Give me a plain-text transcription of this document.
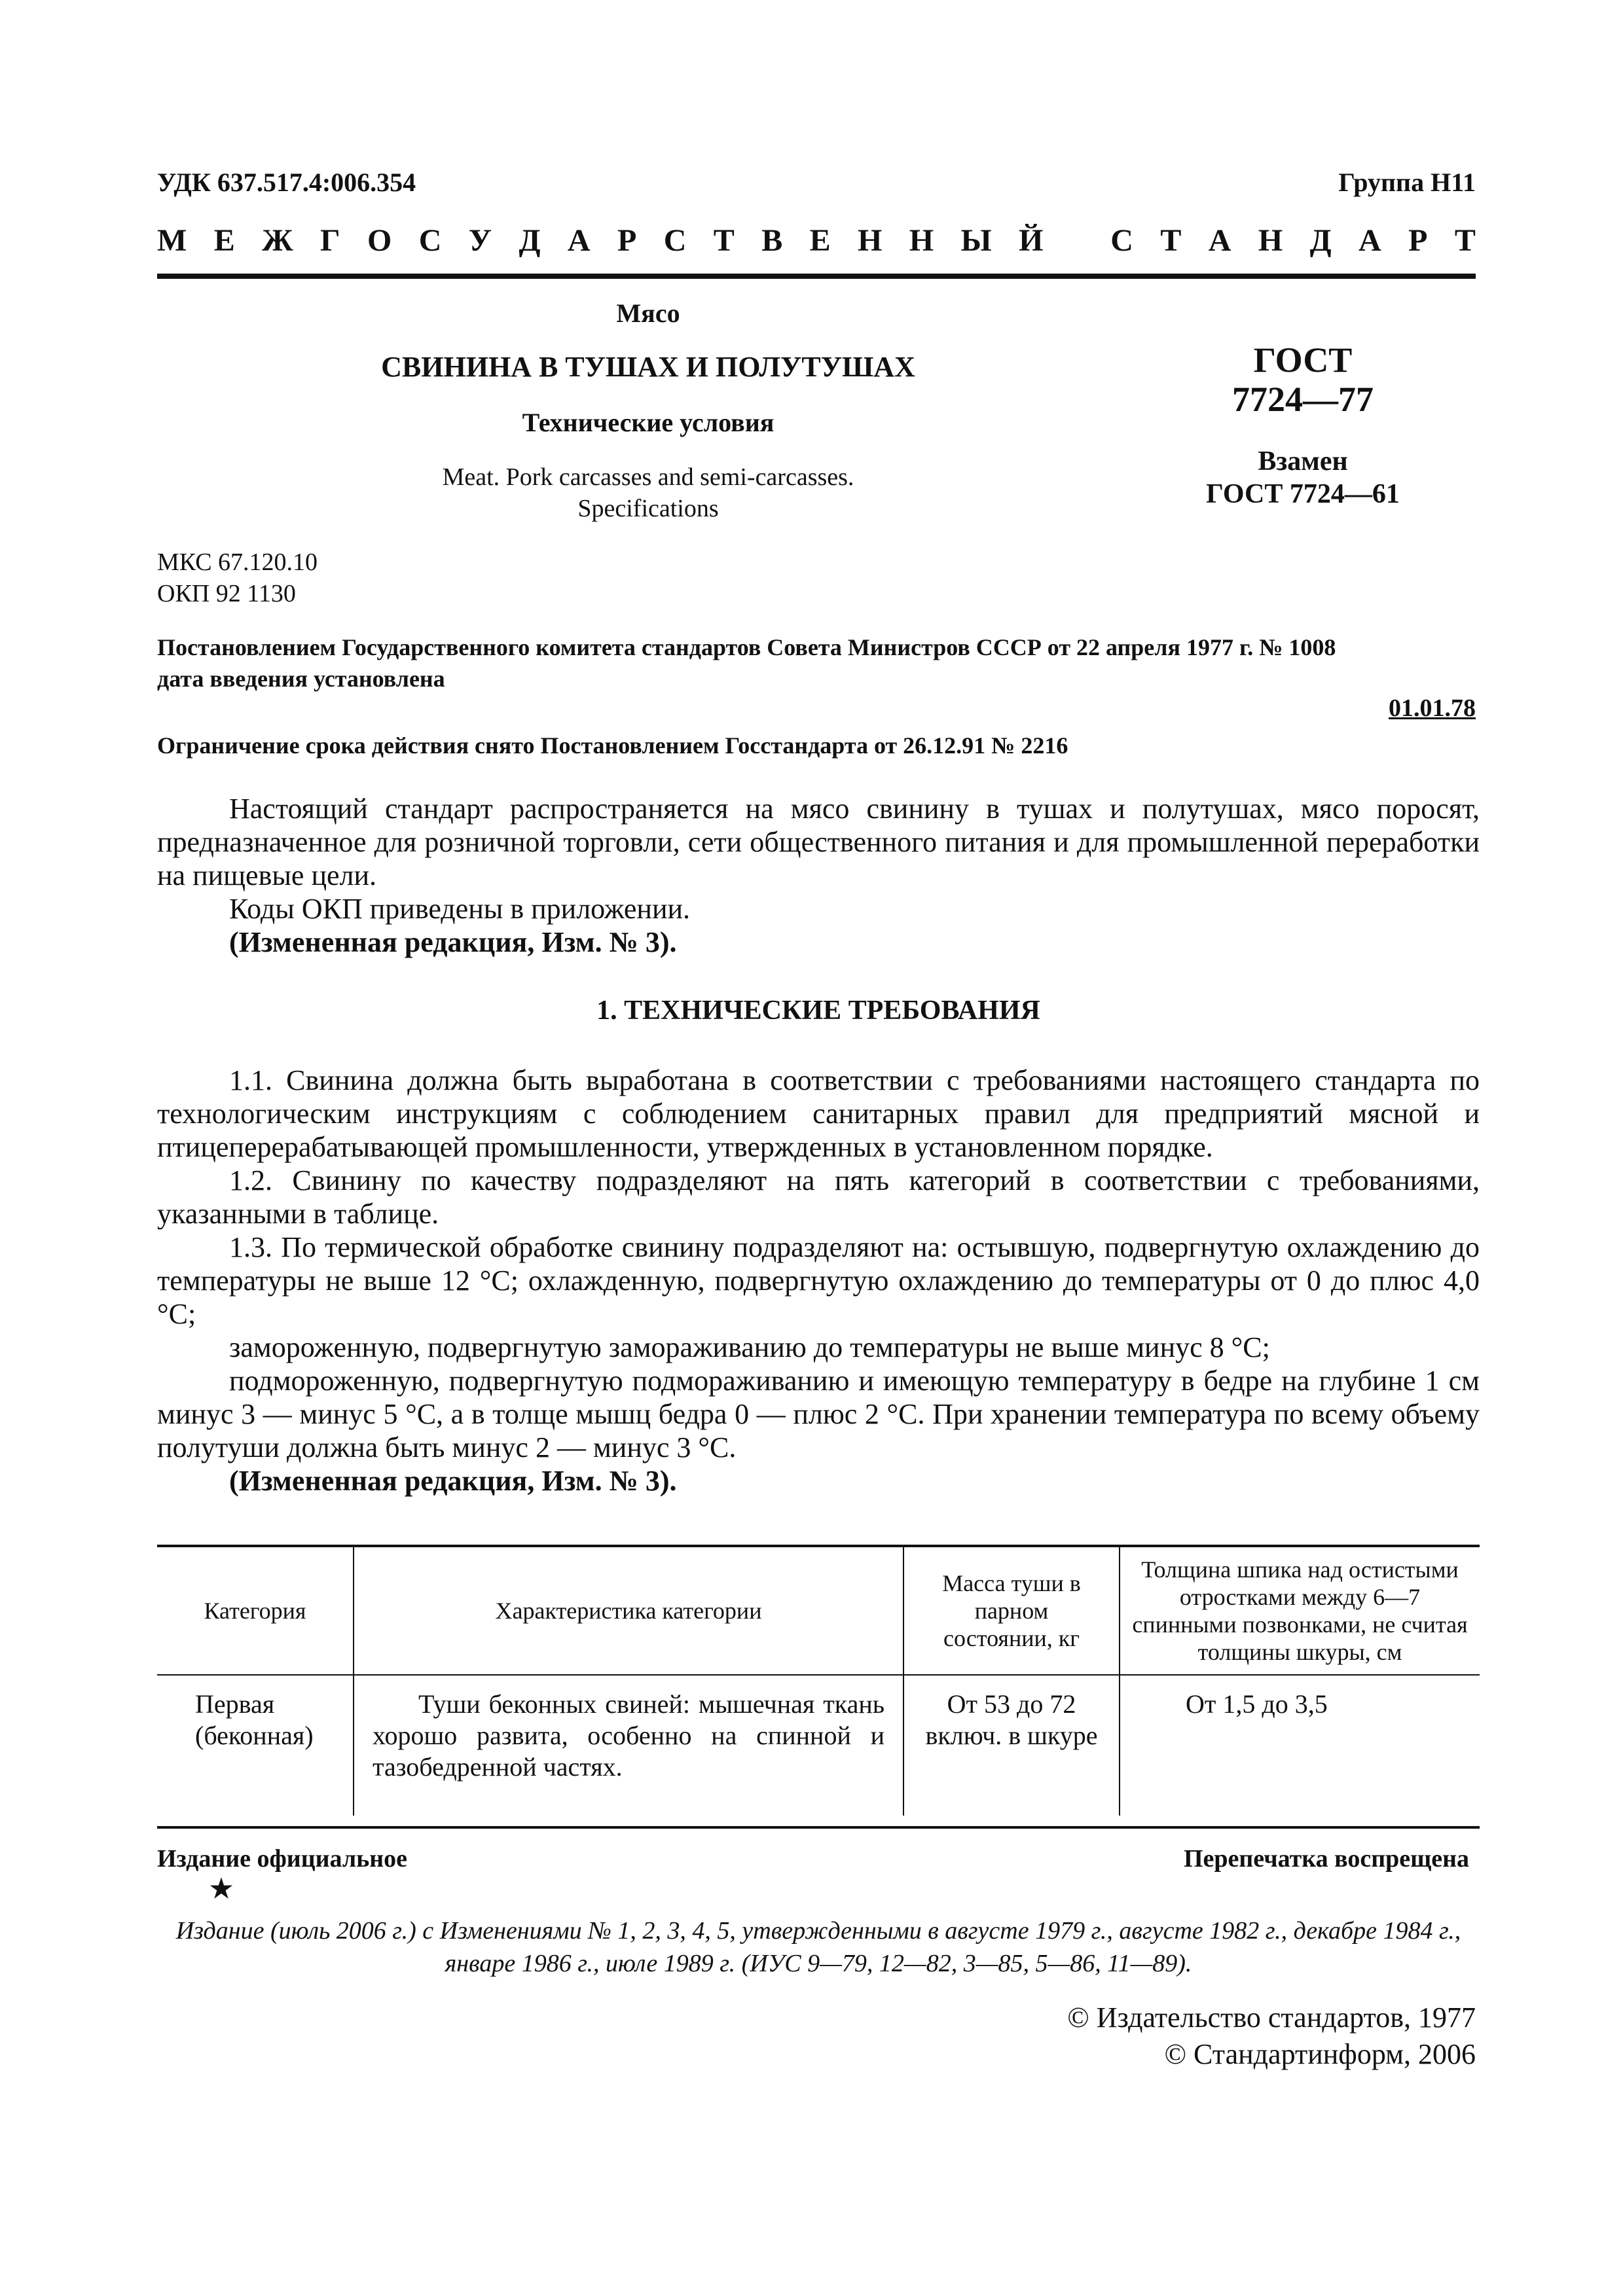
УДК 637.517.4:006.354	Группа Н11
М Е Ж Г О С У Д А Р С Т В Е Н Н Ы Й С Т А Н Д А Р Т
Мясо
СВИНИНА В ТУШАХ И ПОЛУТУШАХ
Технические условия
Meat. Pork carcasses and semi-carcasses.
Specifications
ГОСТ
7724—77
Взамен
ГОСТ 7724—61
МКС 67.120.10
ОКП 92 1130
Постановлением Государственного комитета стандартов Совета Министров СССР от 22 апреля 1977 г. № 1008
дата введения установлена
01.01.78
Ограничение срока действия снято Постановлением Госстандарта от 26.12.91 № 2216

Настоящий стандарт распространяется на мясо свинину в тушах и полутушах, мясо поросят, предназначенное для розничной торговли, сети общественного питания и для промышленной переработки на пищевые цели.

Коды ОКП приведены в приложении.

(Измененная редакция, Изм. № 3).

1. ТЕХНИЧЕСКИЕ ТРЕБОВАНИЯ

1.1. Свинина должна быть выработана в соответствии с требованиями настоящего стандарта по технологическим инструкциям с соблюдением санитарных правил для предприятий мясной и птицеперерабатывающей промышленности, утвержденных в установленном порядке.

1.2. Свинину по качеству подразделяют на пять категорий в соответствии с требованиями, указанными в таблице.

1.3. По термической обработке свинину подразделяют на: остывшую, подвергнутую охлаждению до температуры не выше 12 °С; охлажденную, подвергнутую охлаждению до температуры от 0 до плюс 4,0 °С;

замороженную, подвергнутую замораживанию до температуры не выше минус 8 °С;

подмороженную, подвергнутую подмораживанию и имеющую температуру в бедре на глубине 1 см минус 3 — минус 5 °С, а в толще мышц бедра 0 — плюс 2 °С. При хранении температура по всему объему полутуши должна быть минус 2 — минус 3 °С.

(Измененная редакция, Изм. № 3).

Категория	Характеристика категории	Масса туши в парном состоянии, кг	Толщина шпика над остистыми отростками между 6—7 спинными позвонками, не считая толщины шкуры, см
Первая (беконная)	Туши беконных свиней: мышечная ткань хорошо развита, особенно на спинной и тазобедренной частях.	От 53 до 72 включ. в шкуре	От 1,5 до 3,5
Издание официальное
★
Перепечатка воспрещена
Издание (июль 2006 г.) с Изменениями № 1, 2, 3, 4, 5, утвержденными в августе 1979 г., августе 1982 г., декабре 1984 г.,
январе 1986 г., июле 1989 г. (ИУС 9—79, 12—82, 3—85, 5—86, 11—89).
© Издательство стандартов, 1977
© Стандартинформ, 2006
